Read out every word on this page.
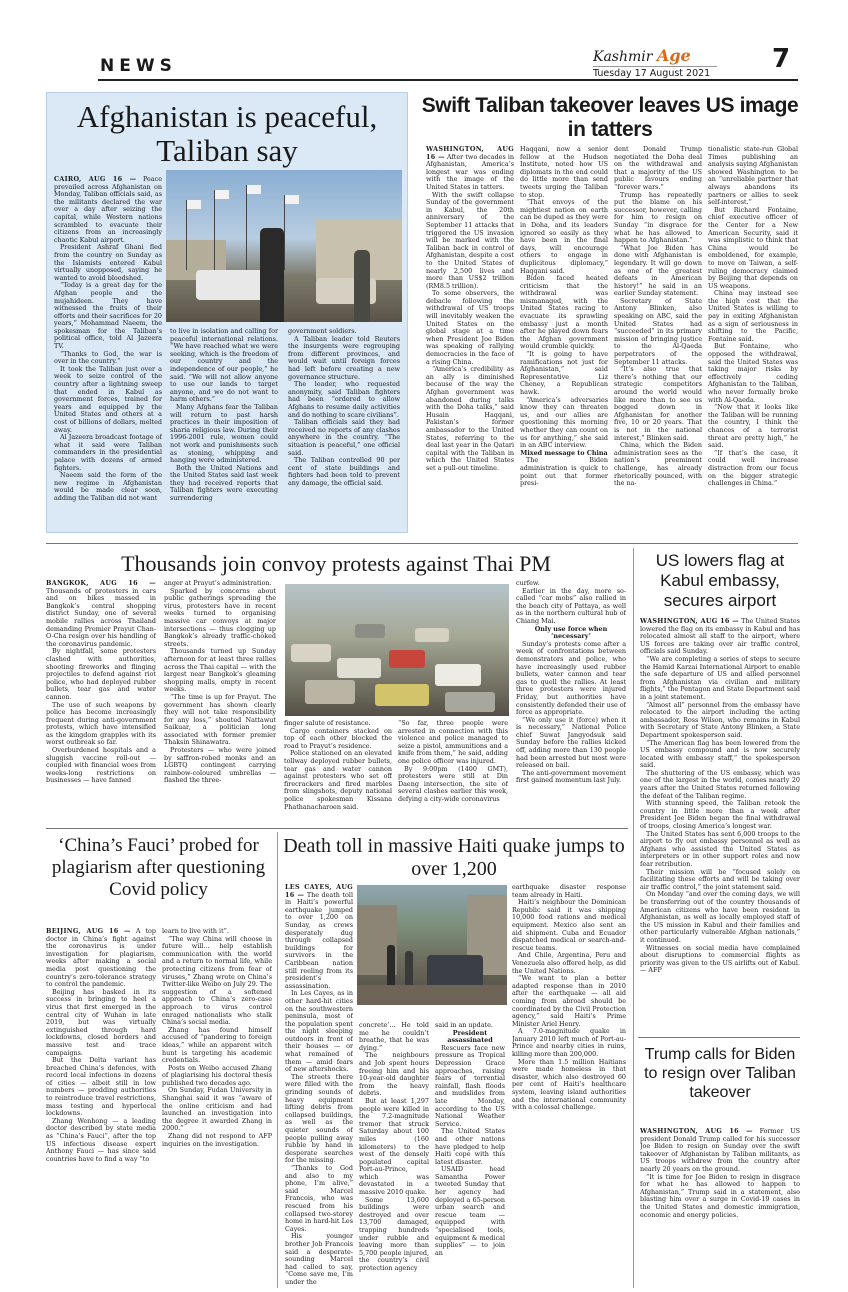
NEWS	Kashmir Age
Tuesday 17 August 2021 7
Afghanistan is peaceful, Taliban say

CAIRO, AUG 16 — Peace prevailed across Afghanistan on Monday, Taliban officials said, as the militants declared the war over a day after seizing the capital, while Western nations scrambled to evacuate their citizens from an increasingly chaotic Kabul airport.

President Ashraf Ghani fled from the country on Sunday as the Islamists entered Kabul virtually unopposed, saying he wanted to avoid bloodshed.

“Today is a great day for the Afghan people and the mujahideen. They have witnessed the fruits of their efforts and their sacrifices for 20 years,” Mohammad Naeem, the spokesman for the Taliban’s political office, told Al Jazeera TV.

“Thanks to God, the war is over in the country.”

It took the Taliban just over a week to seize control of the country after a lightning sweep that ended in Kabul as government forces, trained for years and equipped by the United States and others at a cost of billions of dollars, melted away.

Al Jazeera broadcast footage of what it said were Taliban commanders in the presidential palace with dozens of armed fighters.

Naeem said the form of the new regime in Afghanistan would be made clear soon, adding the Taliban did not want

to live in isolation and calling for peaceful international relations. “We have reached what we were seeking, which is the freedom of our country and the independence of our people,” he said. “We will not allow anyone to use our lands to target anyone, and we do not want to harm others.”

Many Afghans fear the Taliban will return to past harsh practices in their imposition of sharia religious law. During their 1996-2001 rule, women could not work and punishments such as stoning, whipping and hanging were administered.

Both the United Nations and the United States said last week they had received reports that Taliban fighters were executing surrendering

government soldiers.

A Taliban leader told Reuters the insurgents were regrouping from different provinces, and would wait until foreign forces had left before creating a new governance structure.

The leader, who requested anonymity, said Taliban fighters had been “ordered to allow Afghans to resume daily activities and do nothing to scare civilians”.

Taliban officials said they had received no reports of any clashes anywhere in the country. “The situation is peaceful,” one official said.

The Taliban controlled 90 per cent of state buildings and fighters had been told to prevent any damage, the official said.

Swift Taliban takeover leaves US image in tatters

WASHINGTON, AUG 16 — After two decades in Afghanistan, America’s longest war was ending with the image of the United States in tatters.

With the swift collapse Sunday of the government in Kabul, the 20th anniversary of the September 11 attacks that triggered the US invasion will be marked with the Taliban back in control of Afghanistan, despite a cost to the United States of nearly 2,500 lives and more than US$2 trillion (RM8.5 trillion).

To some observers, the debacle following the withdrawal of US troops will inevitably weaken the United States on the global stage at a time when President Joe Biden was speaking of rallying democracies in the face of a rising China.

“America’s credibility as an ally is diminished because of the way the Afghan government was abandoned during talks with the Doha talks,” said Husain Haqqani, Pakistan’s former ambassador to the United States, referring to the deal last year in the Qatari capital with the Taliban in which the United States set a pull-out timeline.

Haqqani, now a senior fellow at the Hudson Institute, noted how US diplomats in the end could do little more than send tweets urging the Taliban to stop.

“That envoys of the mightiest nation on earth can be duped as they were in Doha, and its leaders ignored so easily as they have been in the final days, will encourage others to engage in duplicitous diplomacy,” Haqqani said.

Biden faced heated criticism that the withdrawal was mismanaged, with the United States racing to evacuate its sprawling embassy just a month after he played down fears the Afghan government would crumble quickly.

“It is going to have ramifications not just for Afghanistan,” said Representative Liz Cheney, a Republican hawk.

“America’s adversaries know they can threaten us, and our allies are questioning this morning whether they can count on us for anything,” she said in an ABC interview.

Mixed message to China

The Biden administration is quick to point out that former presi-

dent Donald Trump negotiated the Doha deal on the withdrawal and that a majority of the US public favours ending “forever wars.”

Trump has repeatedly put the blame on his successor, however, calling for him to resign on Sunday “in disgrace for what he has allowed to happen to Afghanistan.”

“What Joe Biden has done with Afghanistan is legendary. It will go down as one of the greatest defeats in American history!” he said in an earlier Sunday statement.

Secretary of State Antony Blinken, also speaking on ABC, said the United States had “succeeded” in its primary mission of bringing justice to the Al-Qaeda perpetrators of the September 11 attacks.

“It’s also true that there’s nothing that our strategic competitors around the world would like more than to see us bogged down in Afghanistan for another five, 10 or 20 years. That is not in the national interest,” Blinken said.

China, which the Biden administration sees as the nation’s preeminent challenge, has already rhetorically pounced, with the na-

tionalistic state-run Global Times publishing an analysis saying Afghanistan showed Washington to be an “unreliable partner that always abandons its partners or allies to seek self-interest.”

But Richard Fontaine, chief executive officer of the Center for a New American Security, said it was simplistic to think that China would be emboldened, for example, to move on Taiwan, a self-ruling democracy claimed by Beijing that depends on US weapons.

China may instead see the high cost that the United States is willing to pay in exiting Afghanistan as a sign of seriousness in shifting to the Pacific, Fontaine said.

But Fontaine, who opposed the withdrawal, said the United States was taking major risks by effectively ceding Afghanistan to the Taliban, who never formally broke with Al-Qaeda.

“Now that it looks like the Taliban will be running the country, I think the chances of a terrorist threat are pretty high,” he said.

“If that’s the case, it could well increase distraction from our focus on the bigger strategic challenges in China.”

Thousands join convoy protests against Thai PM

BANGKOK, AUG 16 — Thousands of protesters in cars and on bikes massed in Bangkok’s central shopping district Sunday, one of several mobile rallies across Thailand demanding Premier Prayut Chan-O-Cha resign over his handling of the coronavirus pandemic.

By nightfall, some protesters clashed with authorities, shooting fireworks and flinging projectiles to defend against riot police, who had deployed rubber bullets, tear gas and water cannon.

The use of such weapons by police has become increasingly frequent during anti-government protests, which have intensified as the kingdom grapples with its worst outbreak so far.

Overburdened hospitals and a sluggish vaccine roll-out — coupled with financial woes from weeks-long restrictions on businesses — have fanned

anger at Prayut’s administration.

Sparked by concerns about public gatherings spreading the virus, protesters have in recent weeks turned to organising massive car convoys at major intersections — thus clogging up Bangkok’s already traffic-choked streets.

Thousands turned up Sunday afternoon for at least three rallies across the Thai capital — with the largest near Bangkok’s gleaming shopping malls, empty in recent weeks.

“The time is up for Prayut. The government has shown clearly they will not take responsibility for any loss,” shouted Nattawut Saikuar, a politician long associated with former premier Thaksin Shinawatra.

Protesters — who were joined by saffron-robed monks and an LGBTQ contingent carrying rainbow-coloured umbrellas — flashed the three-

finger salute of resistance.

Cargo containers stacked on top of each other blocked the road to Prayut’s residence.

Police stationed on an elevated tollway deployed rubber bullets, tear gas and water cannon against protesters who set off firecrackers and fired marbles from slingshots, deputy national police spokesman Kissana Phathanacharoen said.

“So far, three people were arrested in connection with this violence and police managed to seize a pistol, ammunitions and a knife from them,” he said, adding one police officer was injured.

By 9:00pm (1400 GMT), protesters were still at Din Daeng intersection, the site of several clashes earlier this week, defying a city-wide coronavirus

curfew.

Earlier in the day, more so-called “car mobs” also rallied in the beach city of Pattaya, as well as in the northern cultural hub of Chiang Mai.

Only use force when ‘necessary’

Sunday’s protests come after a week of confrontations between demonstrators and police, who have increasingly used rubber bullets, water cannon and tear gas to quell the rallies. At least three protesters were injured Friday, but authorities have consistently defended their use of force as appropriate.

“We only use it (force) when it is necessary,” National Police chief Suwat Jangyodsuk said Sunday before the rallies kicked off, adding more than 130 people had been arrested but most were released on bail.

The anti-government movement first gained momentum last July.

US lowers flag at Kabul embassy, secures airport

WASHINGTON, AUG 16 — The United States lowered the flag on its embassy in Kabul and has relocated almost all staff to the airport, where US forces are taking over air traffic control, officials said Sunday.

“We are completing a series of steps to secure the Hamid Karzai International Airport to enable the safe departure of US and allied personnel from Afghanistan via civilian and military flights,” the Pentagon and State Department said in a joint statement.

“Almost all” personnel from the embassy have relocated to the airport including the acting ambassador, Ross Wilson, who remains in Kabul with Secretary of State Antony Blinken, a State Department spokesperson said.

“The American flag has been lowered from the US embassy compound and is now securely located with embassy staff,” the spokesperson said.

The shuttering of the US embassy, which was one of the largest in the world, comes nearly 20 years after the United States returned following the defeat of the Taliban regime.

With stunning speed, the Taliban retook the country in little more than a week after President Joe Biden began the final withdrawal of troops, closing America’s longest war.

The United States has sent 6,000 troops to the airport to fly out embassy personnel as well as Afghans who assisted the United States as interpreters or in other support roles and now fear retribution.

Their mission will be “focused solely on facilitating these efforts and will be taking over air traffic control,” the joint statement said.

On Monday “and over the coming days, we will be transferring out of the country thousands of American citizens who have been resident in Afghanistan, as well as locally employed staff of the US mission in Kabul and their families and other particularly vulnerable Afghan nationals,” it continued.

Witnesses on social media have complained about disruptions to commercial flights as priority was given to the US airlifts out of Kabul. — AFP

‘China’s Fauci’ probed for plagiarism after questioning Covid policy

BEIJING, AUG 16 — A top doctor in China’s fight against the coronavirus is under investigation for plagiarism, weeks after making a social media post questioning the country’s zero-tolerance strategy to control the pandemic.

Beijing has basked in its success in bringing to heel a virus that first emerged in the central city of Wuhan in late 2019, but was virtually extinguished through hard lockdowns, closed borders and massive test and trace campaigns.

But the Delta variant has breached China’s defences, with record local infections in dozens of cities — albeit still in low numbers — prodding authorities to reintroduce travel restrictions, mass testing and hyperlocal lockdowns.

Zhang Wenhong — a leading doctor described by state media as “China’s Fauci”, after the top US infectious disease expert Anthony Fauci — has since said countries have to find a way “to

learn to live with it”.

“The way China will choose in future will... help establish communication with the world and a return to normal life, while protecting citizens from fear of viruses,” Zhang wrote on China’s Twitter-like Weibo on July 29. The suggestion of a softened approach to China’s zero-case approach to virus control enraged nationalists who stalk China’s social media.

Zhang has found himself accused of “pandering to foreign ideas,” while an apparent witch hunt is targeting his academic credentials.

Posts on Weibo accused Zhang of plagiarising his doctoral thesis published two decades ago.

On Sunday, Fudan University in Shanghai said it was “aware of the online criticism and had launched an investigation into the degree it awarded Zhang in 2000.”

Zhang did not respond to AFP inquiries on the investigation.

Death toll in massive Haiti quake jumps to over 1,200

LES CAYES, AUG 16 — The death toll in Haiti’s powerful earthquake jumped to over 1,200 on Sunday, as crews desperately dug through collapsed buildings for survivors in the Caribbean nation still reeling from its president’s assassination.

In Les Cayes, as in other hard-hit cities on the southwestern peninsula, most of the population spent the night sleeping outdoors in front of their houses — or what remained of them — amid fears of new aftershocks.

The streets there were filled with the grinding sounds of heavy equipment lifting debris from collapsed buildings, as well as the quieter sounds of people pulling away rubble by hand in desperate searches for the missing.

“Thanks to God and also to my phone, I’m alive,” said Marcel Francois, who was rescued from his collapsed two-storey home in hard-hit Les Cayes.

His younger brother Job Francois said a desperate-sounding Marcel had called to say, “Come save me, I’m under the

concrete’... He told me he couldn’t breathe, that he was dying.”

The neighbours and Job spent hours freeing him and his 10-year-old daughter from the heavy debris.

But at least 1,297 people were killed in the 7.2-magnitude tremor that struck Saturday about 100 miles (160 kilometers) to the west of the densely populated capital Port-au-Prince, which was devastated in a massive 2010 quake.

Some 13,600 buildings were destroyed and over 13,700 damaged, trapping hundreds under rubble and leaving more than 5,700 people injured, the country’s civil protection agency

said in an update.

President assassinated

Rescuers face new pressure as Tropical Depression Grace approaches, raising fears of torrential rainfall, flash floods and mudslides from late Monday, according to the US National Weather Service.

The United States and other nations have pledged to help Haiti cope with this latest disaster.

USAID head Samantha Power tweeted Sunday that her agency had deployed a 65-person urban search and rescue team — equipped with “specialised tools, equipment & medical supplies” — to join an

earthquake disaster response team already in Haiti.

Haiti’s neighbour the Dominican Republic said it was shipping 10,000 food rations and medical equipment. Mexico also sent an aid shipment. Cuba and Ecuador dispatched medical or search-and-rescue teams.

And Chile, Argentina, Peru and Venezuela also offered help, as did the United Nations.

“We want to plan a better adapted response than in 2010 after the earthquake — all aid coming from abroad should be coordinated by the Civil Protection agency,” said Haiti’s Prime Minister Ariel Henry.

A 7.0-magnitude quake in January 2010 left much of Port-au-Prince and nearby cities in ruins, killing more than 200,000.

More than 1.5 million Haitians were made homeless in that disaster, which also destroyed 60 per cent of Haiti’s healthcare system, leaving island authorities and the international community with a colossal challenge.

Trump calls for Biden to resign over Taliban takeover

WASHINGTON, AUG 16 — Former US president Donald Trump called for his successor Joe Biden to resign on Sunday over the swift takeover of Afghanistan by Taliban militants, as US troops withdrew from the country after nearly 20 years on the ground.

“It is time for Joe Biden to resign in disgrace for what he has allowed to happen to Afghanistan,” Trump said in a statement, also blasting him over a surge in Covid-19 cases in the United States and domestic immigration, economic and energy policies.
